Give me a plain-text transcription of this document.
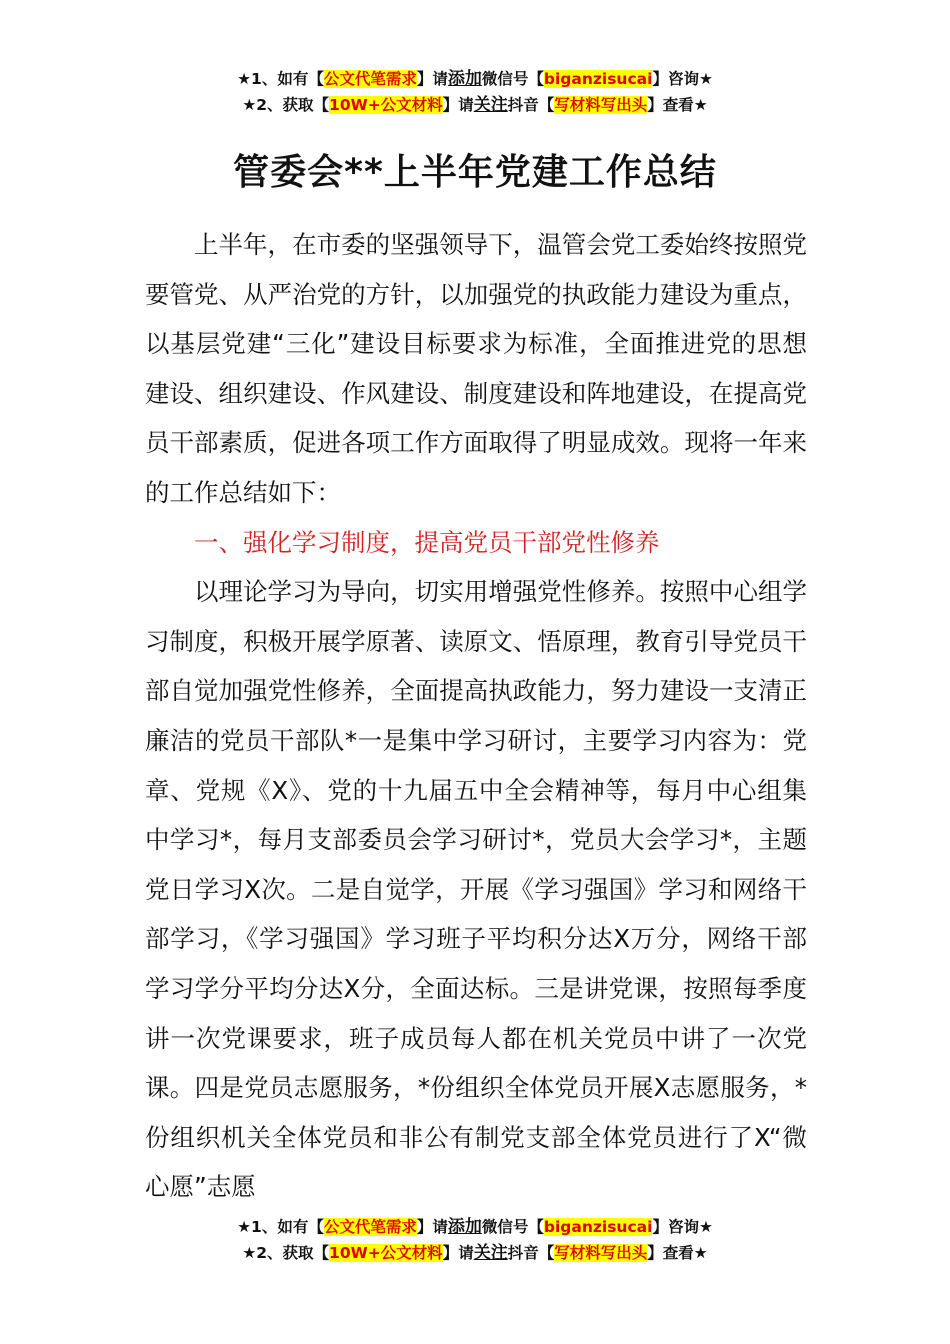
★1、如有【公文代笔需求】请添加微信号【biganzisucai】咨询★
★2、获取【10W+公文材料】请关注抖音【写材料写出头】查看★
管委会**上半年党建工作总结

上半年，在市委的坚强领导下，温管会党工委始终按照党要管党、从严治党的方针，以加强党的执政能力建设为重点，以基层党建“三化”建设目标要求为标准，全面推进党的思想建设、组织建设、作风建设、制度建设和阵地建设，在提高党员干部素质，促进各项工作方面取得了明显成效。现将一年来的工作总结如下：

一、强化学习制度，提高党员干部党性修养

以理论学习为导向，切实用增强党性修养。按照中心组学习制度，积极开展学原著、读原文、悟原理，教育引导党员干部自觉加强党性修养，全面提高执政能力，努力建设一支清正廉洁的党员干部队*一是集中学习研讨，主要学习内容为：党章、党规《X》、党的十九届五中全会精神等，每月中心组集中学习*，每月支部委员会学习研讨*，党员大会学习*，主题党日学习X次。二是自觉学，开展《学习强国》学习和网络干部学习，《学习强国》学习班子平均积分达X万分，网络干部学习学分平均分达X分，全面达标。三是讲党课，按照每季度讲一次党课要求，班子成员每人都在机关党员中讲了一次党课。四是党员志愿服务，*份组织全体党员开展X志愿服务，*份组织机关全体党员和非公有制党支部全体党员进行了X“微心愿”志愿

★1、如有【公文代笔需求】请添加微信号【biganzisucai】咨询★
★2、获取【10W+公文材料】请关注抖音【写材料写出头】查看★
